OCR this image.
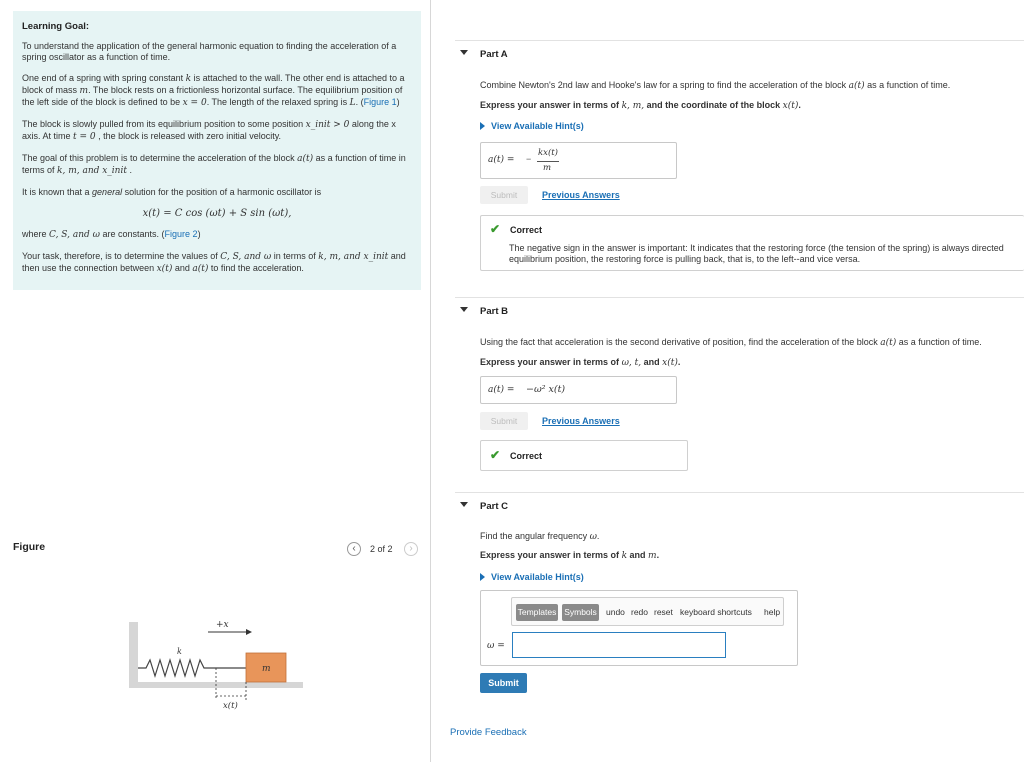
Learning Goal:

To understand the application of the general harmonic equation to finding the acceleration of a spring oscillator as a function of time.

One end of a spring with spring constant k is attached to the wall. The other end is attached to a block of mass m. The block rests on a frictionless horizontal surface. The equilibrium position of the left side of the block is defined to be x = 0. The length of the relaxed spring is L. (Figure 1)

The block is slowly pulled from its equilibrium position to some position x_init > 0 along the x axis. At time t = 0 , the block is released with zero initial velocity.

The goal of this problem is to determine the acceleration of the block a(t) as a function of time in terms of k, m, and x_init .

It is known that a general solution for the position of a harmonic oscillator is

x(t) = C cos (ωt) + S sin (ωt),

where C, S, and ω are constants. (Figure 2)

Your task, therefore, is to determine the values of C, S, and ω in terms of k, m, and x_init and then use the connection between x(t) and a(t) to find the acceleration.

Figure	‹	2 of 2	›
m
k
+x
x(t)
Part A
Combine Newton's 2nd law and Hooke's law for a spring to find the acceleration of the block a(t) as a function of time.
Express your answer in terms of k, m, and the coordinate of the block x(t).
View Available Hint(s)
a(t) = −
kx(t)
m
Submit	Previous Answers
✔ Correct
The negative sign in the answer is important: It indicates that the restoring force (the tension of the spring) is always directed
equilibrium position, the restoring force is pulling back, that is, to the left--and vice versa.
Part B
Using the fact that acceleration is the second derivative of position, find the acceleration of the block a(t) as a function of time.
Express your answer in terms of ω, t, and x(t).
a(t) = −ω² x(t)
Submit	Previous Answers
✔ Correct
Part C
Find the angular frequency ω.
Express your answer in terms of k and m.
View Available Hint(s)
Templates Symbols undo redo reset keyboard shortcuts help
ω =
Submit
Provide Feedback
